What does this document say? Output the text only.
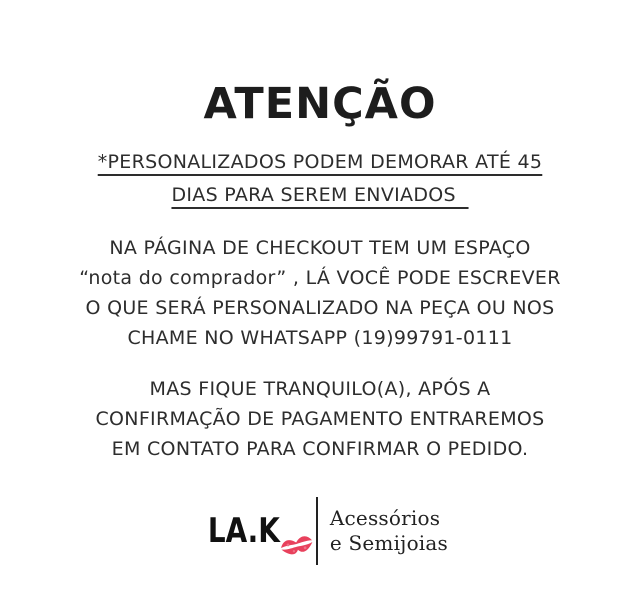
ATENÇÃO
*PERSONALIZADOS PODEM DEMORAR ATÉ 45
DIAS PARA SEREM ENVIADOS
NA PÁGINA DE CHECKOUT TEM UM ESPAÇO
“nota do comprador” , LÁ VOCÊ PODE ESCREVER
O QUE SERÁ PERSONALIZADO NA PEÇA OU NOS
CHAME NO WHATSAPP (19)99791-0111
MAS FIQUE TRANQUILO(A), APÓS A
CONFIRMAÇÃO DE PAGAMENTO ENTRAREMOS
EM CONTATO PARA CONFIRMAR O PEDIDO.
LA.K	Acessórios
e Semijoias
